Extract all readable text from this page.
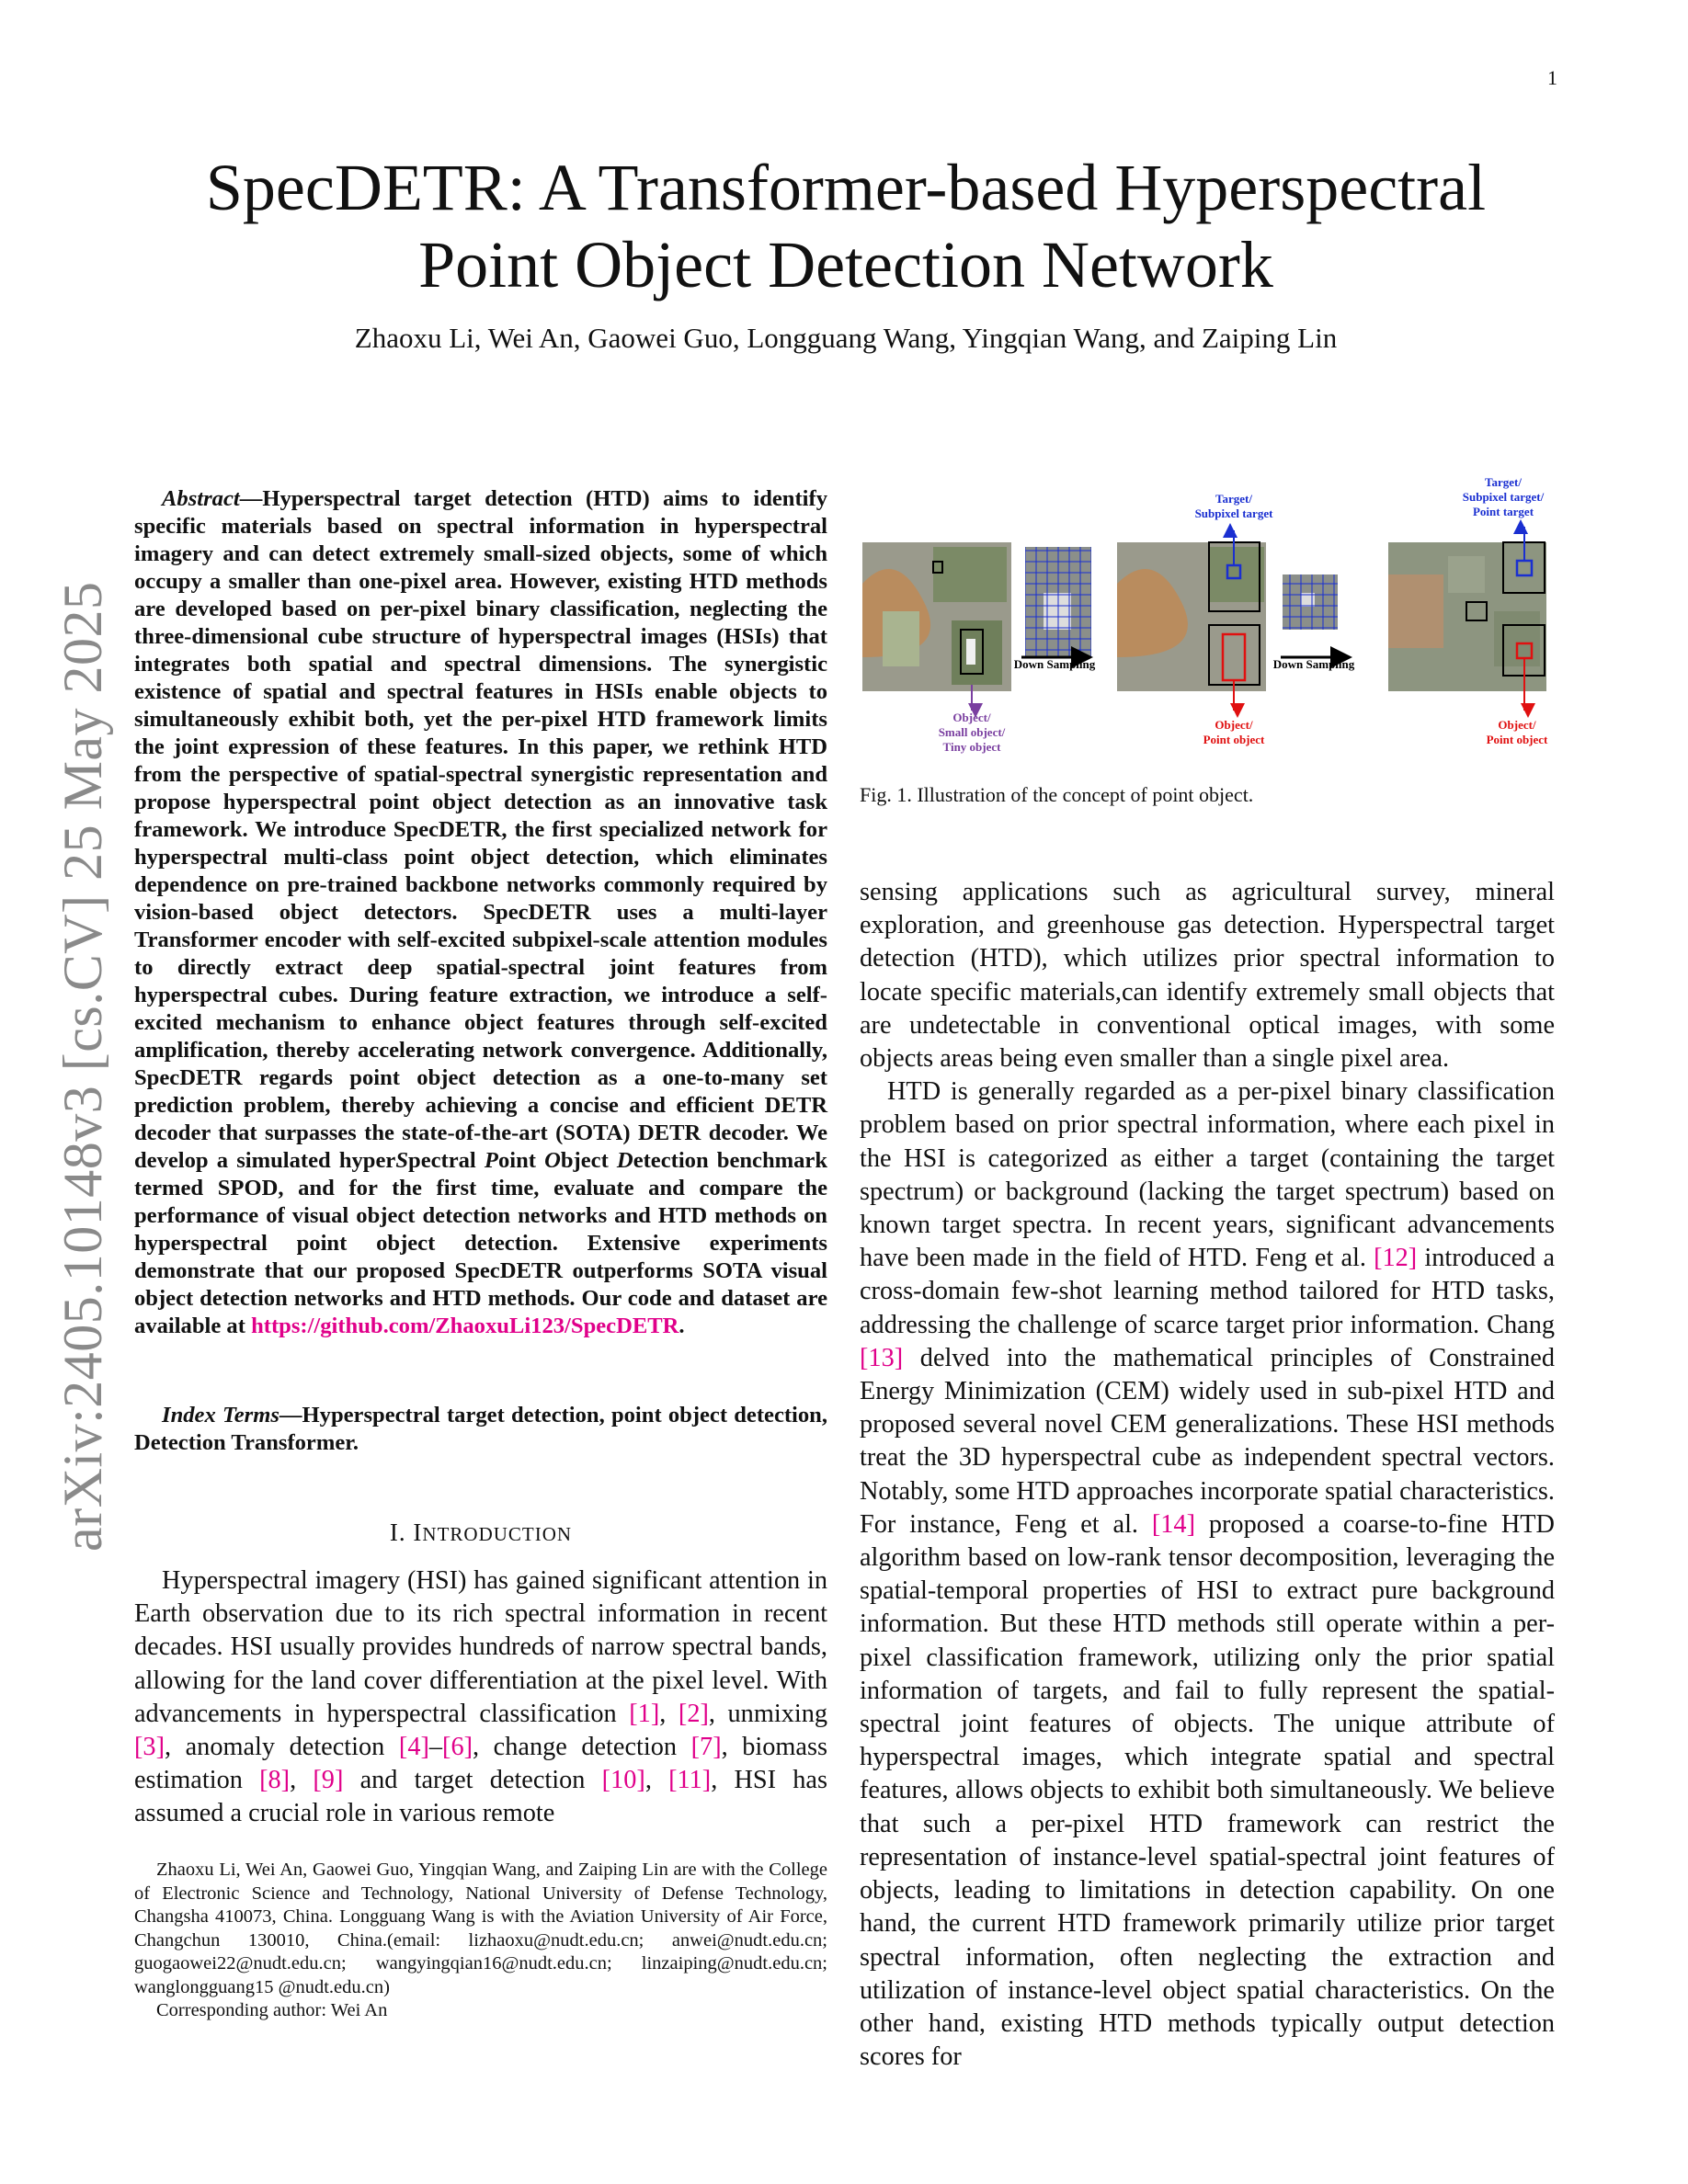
1
arXiv:2405.10148v3 [cs.CV] 25 May 2025
SpecDETR: A Transformer-based Hyperspectral
Point Object Detection Network
Zhaoxu Li, Wei An, Gaowei Guo, Longguang Wang, Yingqian Wang, and Zaiping Lin

Abstract—Hyperspectral target detection (HTD) aims to identify specific materials based on spectral information in hyperspectral imagery and can detect extremely small-sized objects, some of which occupy a smaller than one-pixel area. However, existing HTD methods are developed based on per-pixel binary classification, neglecting the three-dimensional cube structure of hyperspectral images (HSIs) that integrates both spatial and spectral dimensions. The synergistic existence of spatial and spectral features in HSIs enable objects to simultaneously exhibit both, yet the per-pixel HTD framework limits the joint expression of these features. In this paper, we rethink HTD from the perspective of spatial-spectral synergistic representation and propose hyperspectral point object detection as an innovative task framework. We introduce SpecDETR, the first specialized network for hyperspectral multi-class point object detection, which eliminates dependence on pre-trained backbone networks commonly required by vision-based object detectors. SpecDETR uses a multi-layer Transformer encoder with self-excited subpixel-scale attention modules to directly extract deep spatial-spectral joint features from hyperspectral cubes. During feature extraction, we introduce a self-excited mechanism to enhance object features through self-excited amplification, thereby accelerating network convergence. Additionally, SpecDETR regards point object detection as a one-to-many set prediction problem, thereby achieving a concise and efficient DETR decoder that surpasses the state-of-the-art (SOTA) DETR decoder. We develop a simulated hyperSpectral Point Object Detection benchmark termed SPOD, and for the first time, evaluate and compare the performance of visual object detection networks and HTD methods on hyperspectral point object detection. Extensive experiments demonstrate that our proposed SpecDETR outperforms SOTA visual object detection networks and HTD methods. Our code and dataset are available at https://github.com/ZhaoxuLi123/SpecDETR.

Index Terms—Hyperspectral target detection, point object detection, Detection Transformer.

I. INTRODUCTION

Hyperspectral imagery (HSI) has gained significant attention in Earth observation due to its rich spectral information in recent decades. HSI usually provides hundreds of narrow spectral bands, allowing for the land cover differentiation at the pixel level. With advancements in hyperspectral classification [1], [2], unmixing [3], anomaly detection [4]–[6], change detection [7], biomass estimation [8], [9] and target detection [10], [11], HSI has assumed a crucial role in various remote

Zhaoxu Li, Wei An, Gaowei Guo, Yingqian Wang, and Zaiping Lin are with the College of Electronic Science and Technology, National University of Defense Technology, Changsha 410073, China. Longguang Wang is with the Aviation University of Air Force, Changchun 130010, China.(email: lizhaoxu@nudt.edu.cn; anwei@nudt.edu.cn; guogaowei22@nudt.edu.cn; wangyingqian16@nudt.edu.cn; linzaiping@nudt.edu.cn; wanglongguang15 @nudt.edu.cn)

Corresponding author: Wei An

Down Sampling
Target/
Subpixel target
Object/
Point object
Down Sampling
Target/
Subpixel target/
Point target
Object/
Point object
Object/
Small object/
Tiny object
Fig. 1. Illustration of the concept of point object.

sensing applications such as agricultural survey, mineral exploration, and greenhouse gas detection. Hyperspectral target detection (HTD), which utilizes prior spectral information to locate specific materials,can identify extremely small objects that are undetectable in conventional optical images, with some objects areas being even smaller than a single pixel area.

HTD is generally regarded as a per-pixel binary classification problem based on prior spectral information, where each pixel in the HSI is categorized as either a target (containing the target spectrum) or background (lacking the target spectrum) based on known target spectra. In recent years, significant advancements have been made in the field of HTD. Feng et al. [12] introduced a cross-domain few-shot learning method tailored for HTD tasks, addressing the challenge of scarce target prior information. Chang [13] delved into the mathematical principles of Constrained Energy Minimization (CEM) widely used in sub-pixel HTD and proposed several novel CEM generalizations. These HSI methods treat the 3D hyperspectral cube as independent spectral vectors. Notably, some HTD approaches incorporate spatial characteristics. For instance, Feng et al. [14] proposed a coarse-to-fine HTD algorithm based on low-rank tensor decomposition, leveraging the spatial-temporal properties of HSI to extract pure background information. But these HTD methods still operate within a per-pixel classification framework, utilizing only the prior spatial information of targets, and fail to fully represent the spatial-spectral joint features of objects. The unique attribute of hyperspectral images, which integrate spatial and spectral features, allows objects to exhibit both simultaneously. We believe that such a per-pixel HTD framework can restrict the representation of instance-level spatial-spectral joint features of objects, leading to limitations in detection capability. On one hand, the current HTD framework primarily utilize prior target spectral information, often neglecting the extraction and utilization of instance-level object spatial characteristics. On the other hand, existing HTD methods typically output detection scores for
